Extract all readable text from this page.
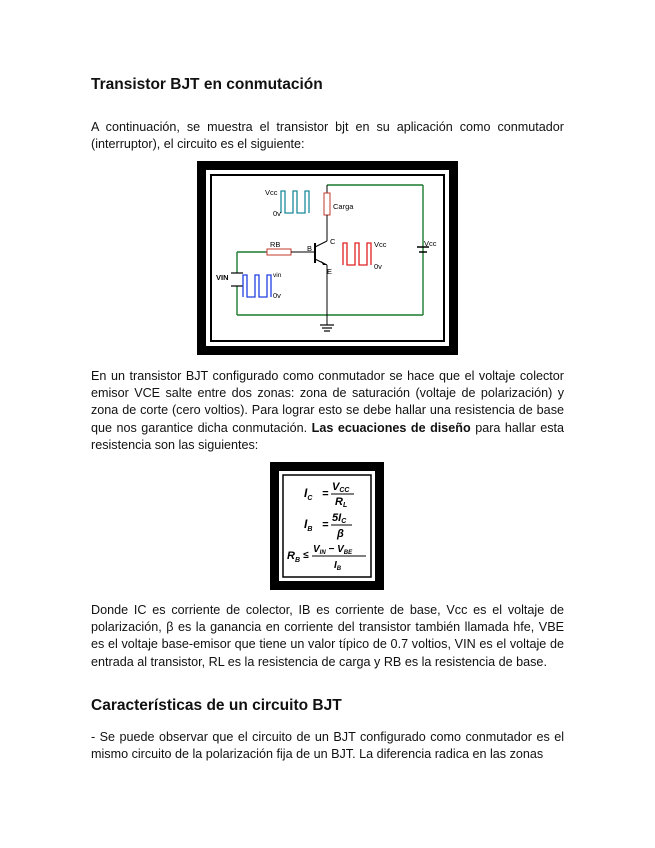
Transistor BJT en conmutación

A continuación, se muestra el transistor bjt en su aplicación como conmutador (interruptor), el circuito es el siguiente:

Vcc
0v
Carga
C
B
E
RB
VIN	vin
0v
Vcc
0v
Vcc

En un transistor BJT configurado como conmutador se hace que el voltaje colector emisor VCE salte entre dos zonas: zona de saturación (voltaje de polarización) y zona de corte (cero voltios). Para lograr esto se debe hallar una resistencia de base que nos garantice dicha conmutación. Las ecuaciones de diseño para hallar esta resistencia son las siguientes:

$I_C$ =
VCC
RL
$I_B$ =
5IC
β
$R_B$ ≤
$V_{IN} - V_{BE}$
$I_B$

Donde IC es corriente de colector, IB es corriente de base, Vcc es el voltaje de polarización, β es la ganancia en corriente del transistor también llamada hfe, VBE es el voltaje base-emisor que tiene un valor típico de 0.7 voltios, VIN es el voltaje de entrada al transistor, RL es la resistencia de carga y RB es la resistencia de base.

Características de un circuito BJT

- Se puede observar que el circuito de un BJT configurado como conmutador es el mismo circuito de la polarización fija de un BJT. La diferencia radica en las zonas
